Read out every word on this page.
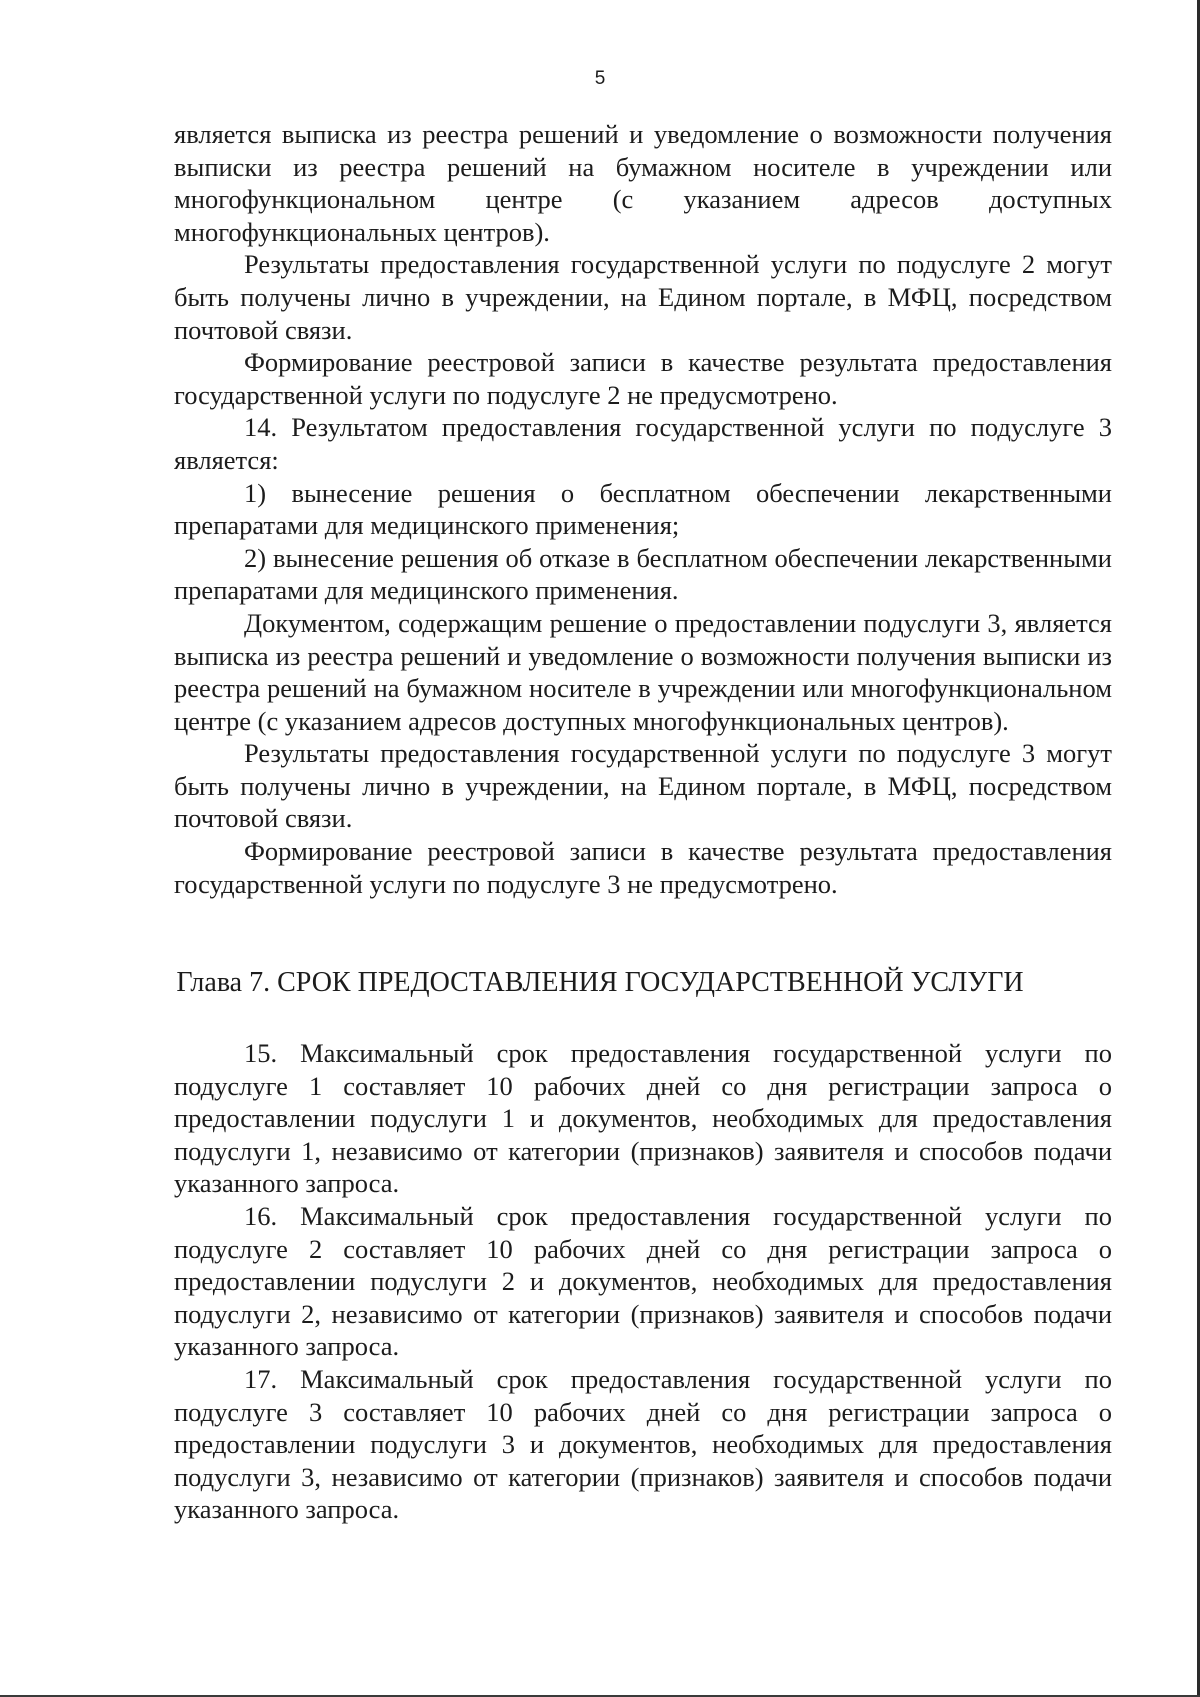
5

является выписка из реестра решений и уведомление о возможности получения выписки из реестра решений на бумажном носителе в учреждении или многофункциональном центре (с указанием адресов доступных многофункциональных центров).

Результаты предоставления государственной услуги по подуслуге 2 могут быть получены лично в учреждении, на Едином портале, в МФЦ, посредством почтовой связи.

Формирование реестровой записи в качестве результата предоставления государственной услуги по подуслуге 2 не предусмотрено.

14. Результатом предоставления государственной услуги по подуслуге 3 является:

1) вынесение решения о бесплатном обеспечении лекарственными препаратами для медицинского применения;

2) вынесение решения об отказе в бесплатном обеспечении лекарственными препаратами для медицинского применения.

Документом, содержащим решение о предоставлении подуслуги 3, является выписка из реестра решений и уведомление о возможности получения выписки из реестра решений на бумажном носителе в учреждении или многофункциональном центре (с указанием адресов доступных многофункциональных центров).

Результаты предоставления государственной услуги по подуслуге 3 могут быть получены лично в учреждении, на Едином портале, в МФЦ, посредством почтовой связи.

Формирование реестровой записи в качестве результата предоставления государственной услуги по подуслуге 3 не предусмотрено.

Глава 7. СРОК ПРЕДОСТАВЛЕНИЯ ГОСУДАРСТВЕННОЙ УСЛУГИ

15. Максимальный срок предоставления государственной услуги по подуслуге 1 составляет 10 рабочих дней со дня регистрации запроса о предоставлении подуслуги 1 и документов, необходимых для предоставления подуслуги 1, независимо от категории (признаков) заявителя и способов подачи указанного запроса.

16. Максимальный срок предоставления государственной услуги по подуслуге 2 составляет 10 рабочих дней со дня регистрации запроса о предоставлении подуслуги 2 и документов, необходимых для предоставления подуслуги 2, независимо от категории (признаков) заявителя и способов подачи указанного запроса.

17. Максимальный срок предоставления государственной услуги по подуслуге 3 составляет 10 рабочих дней со дня регистрации запроса о предоставлении подуслуги 3 и документов, необходимых для предоставления подуслуги 3, независимо от категории (признаков) заявителя и способов подачи указанного запроса.
